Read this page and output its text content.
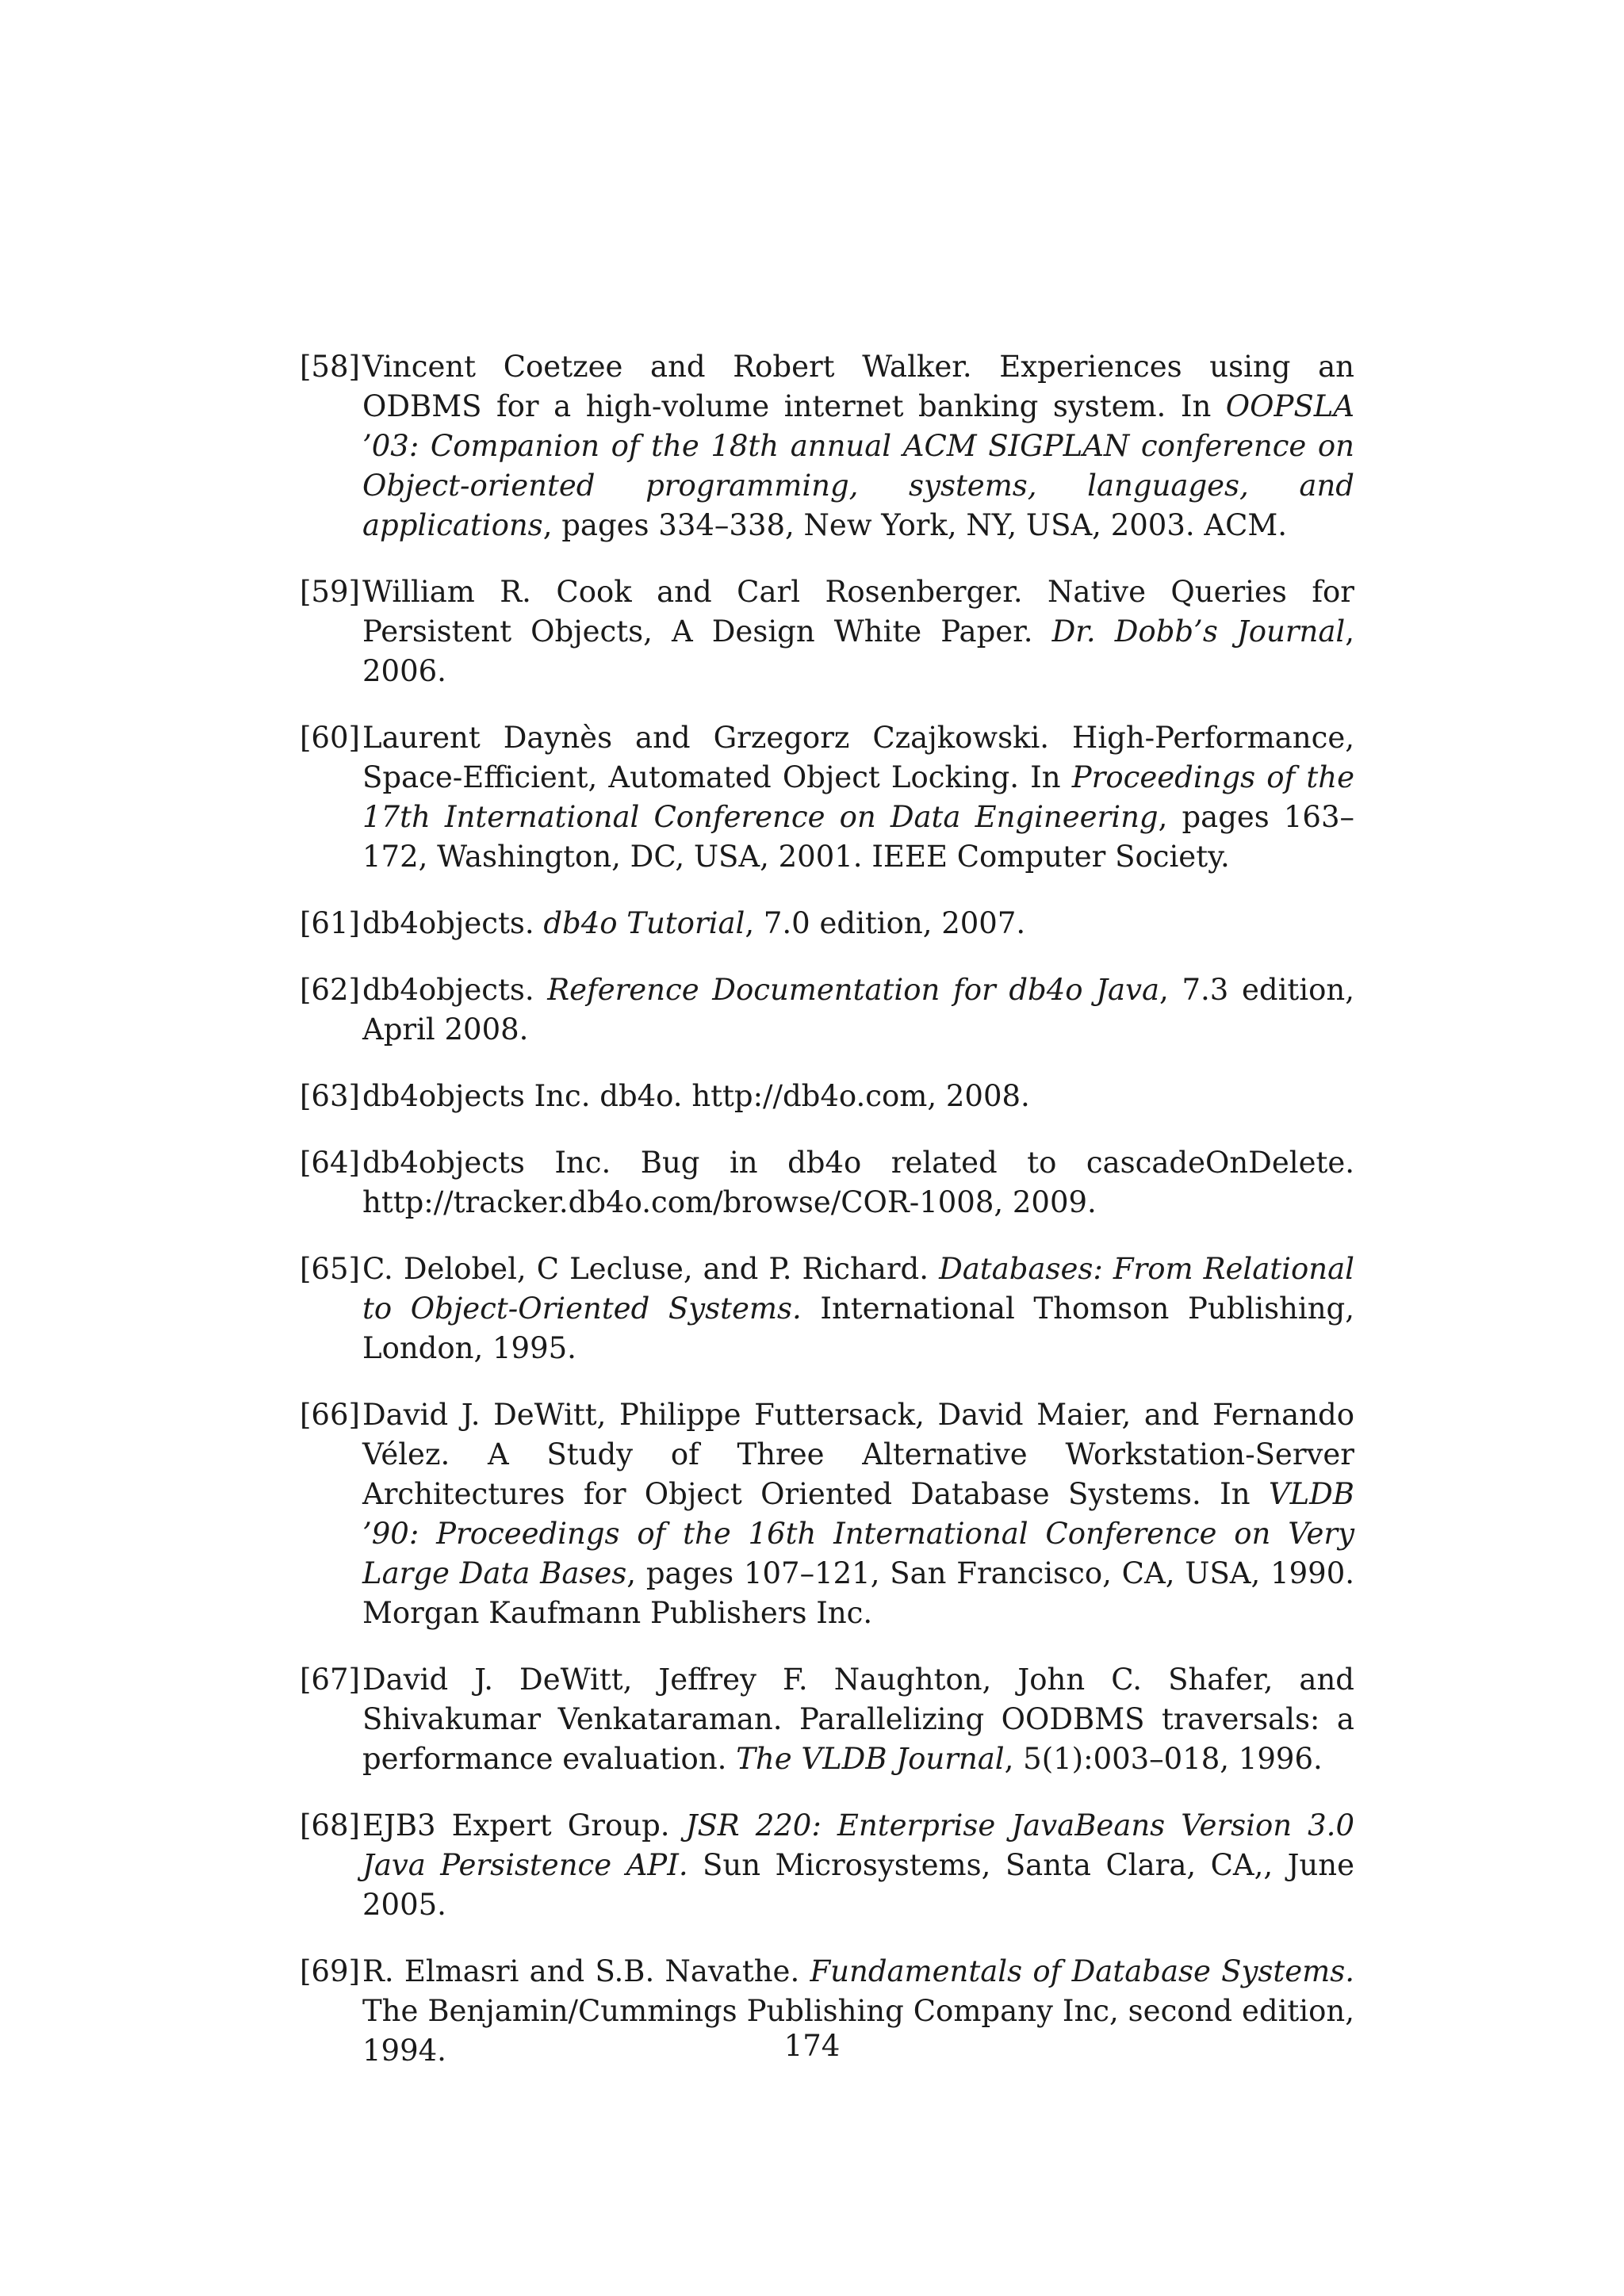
[58] Vincent Coetzee and Robert Walker. Experiences using an ODBMS for a high-volume internet banking system. In OOPSLA ’03: Companion of the 18th annual ACM SIGPLAN conference on Object-oriented programming, systems, languages, and applications, pages 334–338, New York, NY, USA, 2003. ACM.
[59] William R. Cook and Carl Rosenberger. Native Queries for Persistent Objects, A Design White Paper. Dr. Dobb’s Journal, 2006.
[60] Laurent Daynès and Grzegorz Czajkowski. High-Performance, Space-Efficient, Automated Object Locking. In Proceedings of the 17th International Conference on Data Engineering, pages 163–172, Washington, DC, USA, 2001. IEEE Computer Society.
[61] db4objects. db4o Tutorial, 7.0 edition, 2007.
[62] db4objects. Reference Documentation for db4o Java, 7.3 edition, April 2008.
[63] db4objects Inc. db4o. http://db4o.com, 2008.
[64] db4objects Inc. Bug in db4o related to cascadeOnDelete. http://tracker.db4o.com/browse/COR-1008, 2009.
[65] C. Delobel, C Lecluse, and P. Richard. Databases: From Relational to Object-Oriented Systems. International Thomson Publishing, London, 1995.
[66] David J. DeWitt, Philippe Futtersack, David Maier, and Fernando Vélez. A Study of Three Alternative Workstation-Server Architectures for Object Oriented Database Systems. In VLDB ’90: Proceedings of the 16th International Conference on Very Large Data Bases, pages 107–121, San Francisco, CA, USA, 1990. Morgan Kaufmann Publishers Inc.
[67] David J. DeWitt, Jeffrey F. Naughton, John C. Shafer, and Shivakumar Venkataraman. Parallelizing OODBMS traversals: a performance evaluation. The VLDB Journal, 5(1):003–018, 1996.
[68] EJB3 Expert Group. JSR 220: Enterprise JavaBeans Version 3.0 Java Persistence API. Sun Microsystems, Santa Clara, CA,, June 2005.
[69] R. Elmasri and S.B. Navathe. Fundamentals of Database Systems. The Benjamin/Cummings Publishing Company Inc, second edition, 1994.	174
